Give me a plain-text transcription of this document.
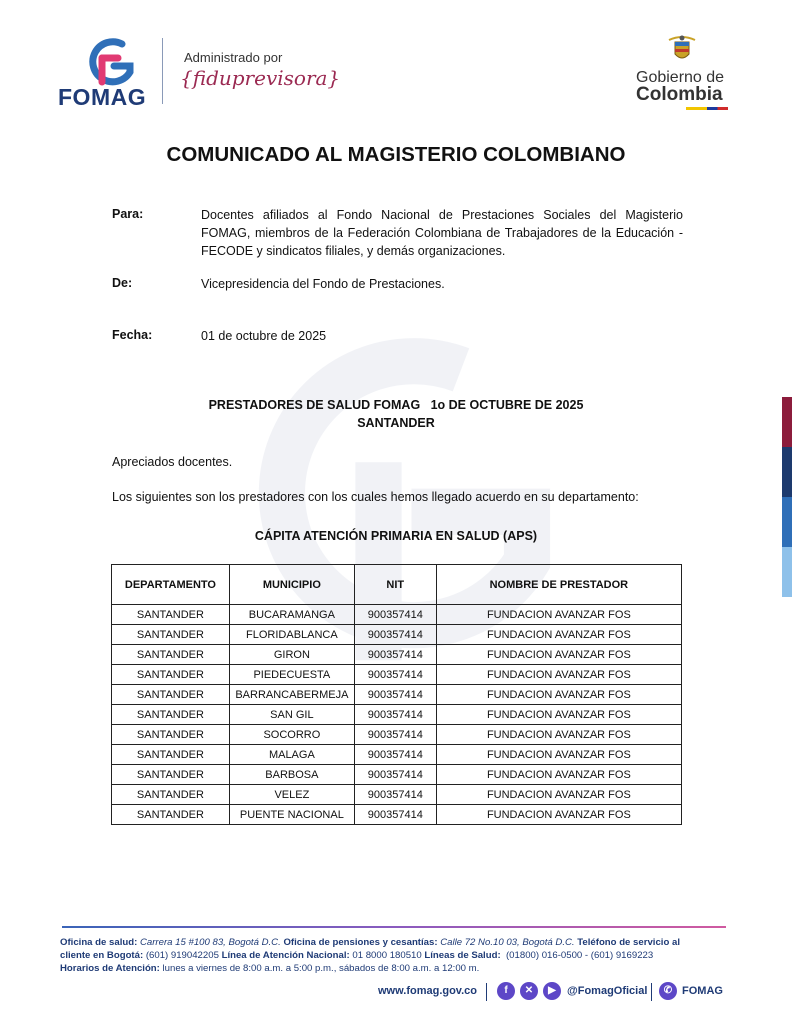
FOMAG
Administrado por
{fiduprevisora}	Gobierno de
Colombia
COMUNICADO AL MAGISTERIO COLOMBIANO
Para:	Docentes afiliados al Fondo Nacional de Prestaciones Sociales del Magisterio FOMAG, miembros de la Federación Colombiana de Trabajadores de la Educación - FECODE y sindicatos filiales, y demás organizaciones.
De:	Vicepresidencia del Fondo de Prestaciones.
Fecha:	01 de octubre de 2025
PRESTADORES DE SALUD FOMAG   1o DE OCTUBRE DE 2025
SANTANDER
Apreciados docentes.
Los siguientes son los prestadores con los cuales hemos llegado acuerdo en su departamento:
CÁPITA ATENCIÓN PRIMARIA EN SALUD (APS)
DEPARTAMENTO	MUNICIPIO	NIT	NOMBRE DE PRESTADOR
SANTANDER	BUCARAMANGA	900357414	FUNDACION AVANZAR FOS
SANTANDER	FLORIDABLANCA	900357414	FUNDACION AVANZAR FOS
SANTANDER	GIRON	900357414	FUNDACION AVANZAR FOS
SANTANDER	PIEDECUESTA	900357414	FUNDACION AVANZAR FOS
SANTANDER	BARRANCABERMEJA	900357414	FUNDACION AVANZAR FOS
SANTANDER	SAN GIL	900357414	FUNDACION AVANZAR FOS
SANTANDER	SOCORRO	900357414	FUNDACION AVANZAR FOS
SANTANDER	MALAGA	900357414	FUNDACION AVANZAR FOS
SANTANDER	BARBOSA	900357414	FUNDACION AVANZAR FOS
SANTANDER	VELEZ	900357414	FUNDACION AVANZAR FOS
SANTANDER	PUENTE NACIONAL	900357414	FUNDACION AVANZAR FOS
Oficina de salud: Carrera 15 #100 83, Bogotá D.C. Oficina de pensiones y cesantías: Calle 72 No.10 03, Bogotá D.C. Teléfono de servicio al
cliente en Bogotá: (601) 919042205 Línea de Atención Nacional: 01 8000 180510 Líneas de Salud:  (01800) 016-0500 - (601) 9169223
Horarios de Atención: lunes a viernes de 8:00 a.m. a 5:00 p.m., sábados de 8:00 a.m. a 12:00 m.
www.fomag.gov.co	f	✕	▶	@FomagOficial	✆ FOMAG
